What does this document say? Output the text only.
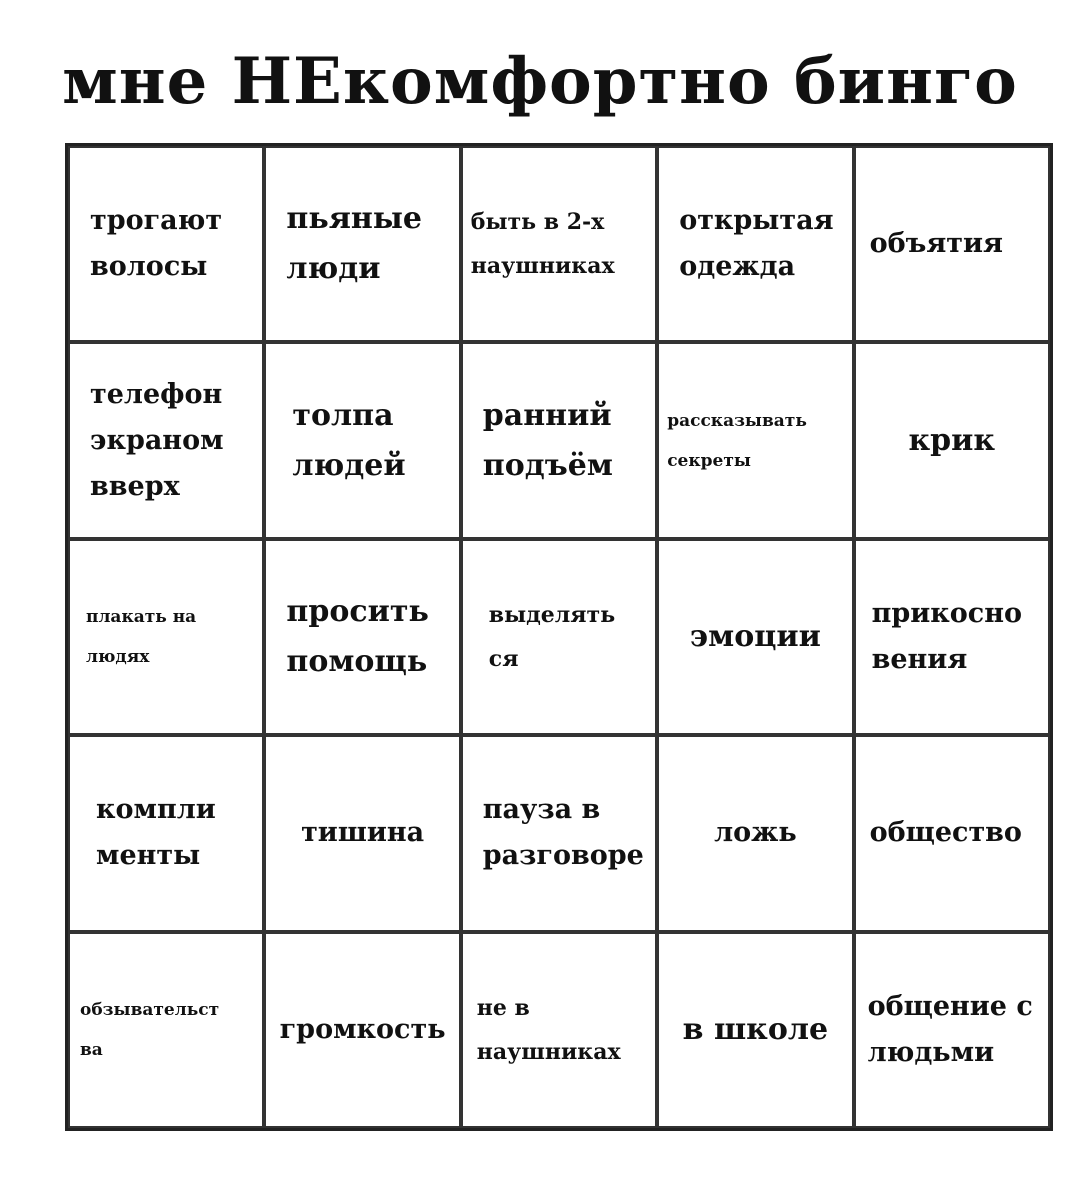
мне НЕкомфортно бинго
трогают
волосы
пьяные
люди
быть в 2-х
наушниках
открытая
одежда
объятия
телефон
экраном
вверх
толпа
людей
ранний
подъём
рассказывать
секреты
крик
плакать на
людях
просить
помощь
выделять
ся
эмоции
прикосно
вения
компли
менты
тишина
пауза в
разговоре
ложь	общество
обзывательст
ва
громкость
не в
наушниках
в школе
общение с
людьми
